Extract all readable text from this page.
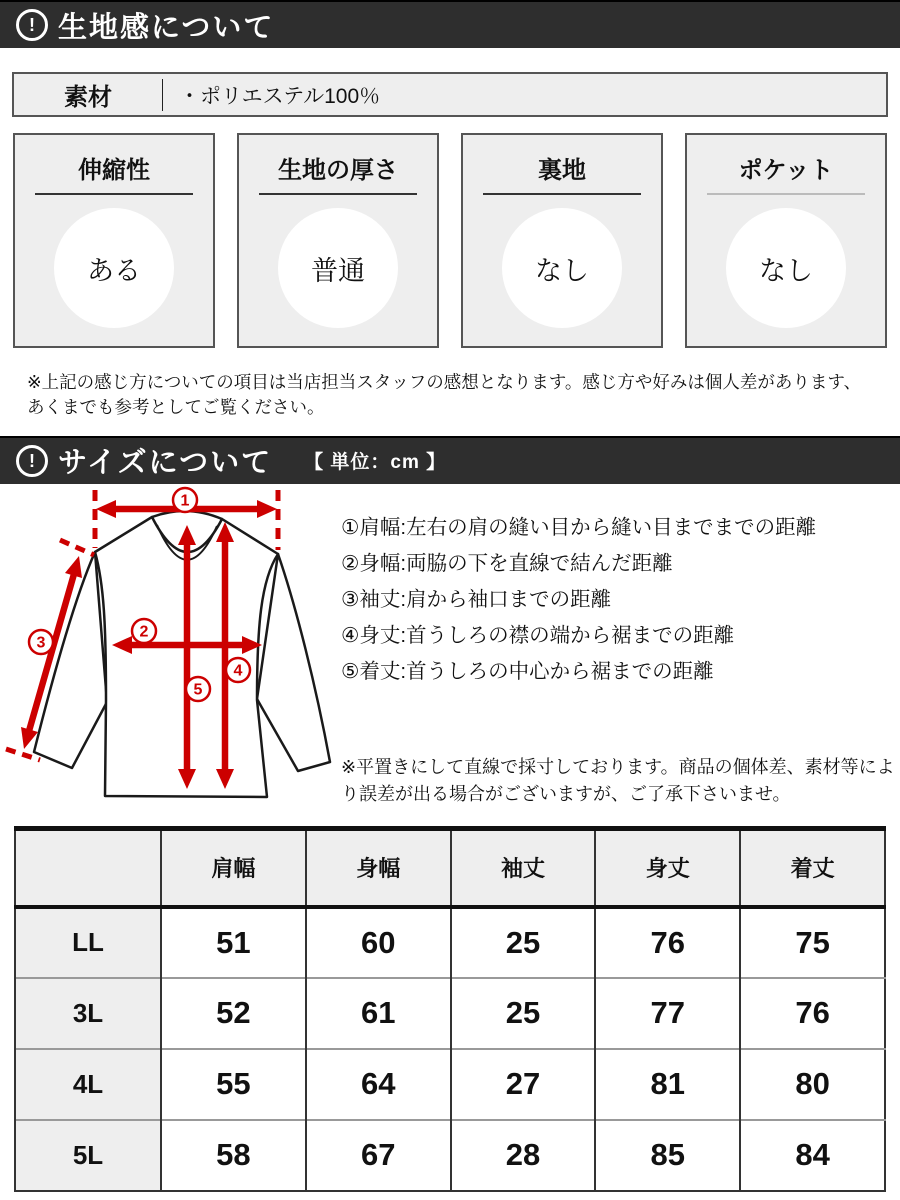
! 生地感について
素材	・ポリエステル100％
伸縮性
ある
生地の厚さ
普通
裏地
なし
ポケット
なし
※上記の感じ方についての項目は当店担当スタッフの感想となります。感じ方や好みは個人差があります、あくまでも参考としてご覧ください。
! サイズについて 【 単位：cm 】
1
2
3
4
5
①肩幅:左右の肩の縫い目から縫い目までまでの距離
②身幅:両脇の下を直線で結んだ距離
③袖丈:肩から袖口までの距離
④身丈:首うしろの襟の端から裾までの距離
⑤着丈:首うしろの中心から裾までの距離
※平置きにして直線で採寸しております。商品の個体差、素材等により誤差が出る場合がございますが、ご了承下さいませ。
	肩幅	身幅	袖丈	身丈	着丈
LL	51	60	25	76	75
3L	52	61	25	77	76
4L	55	64	27	81	80
5L	58	67	28	85	84
